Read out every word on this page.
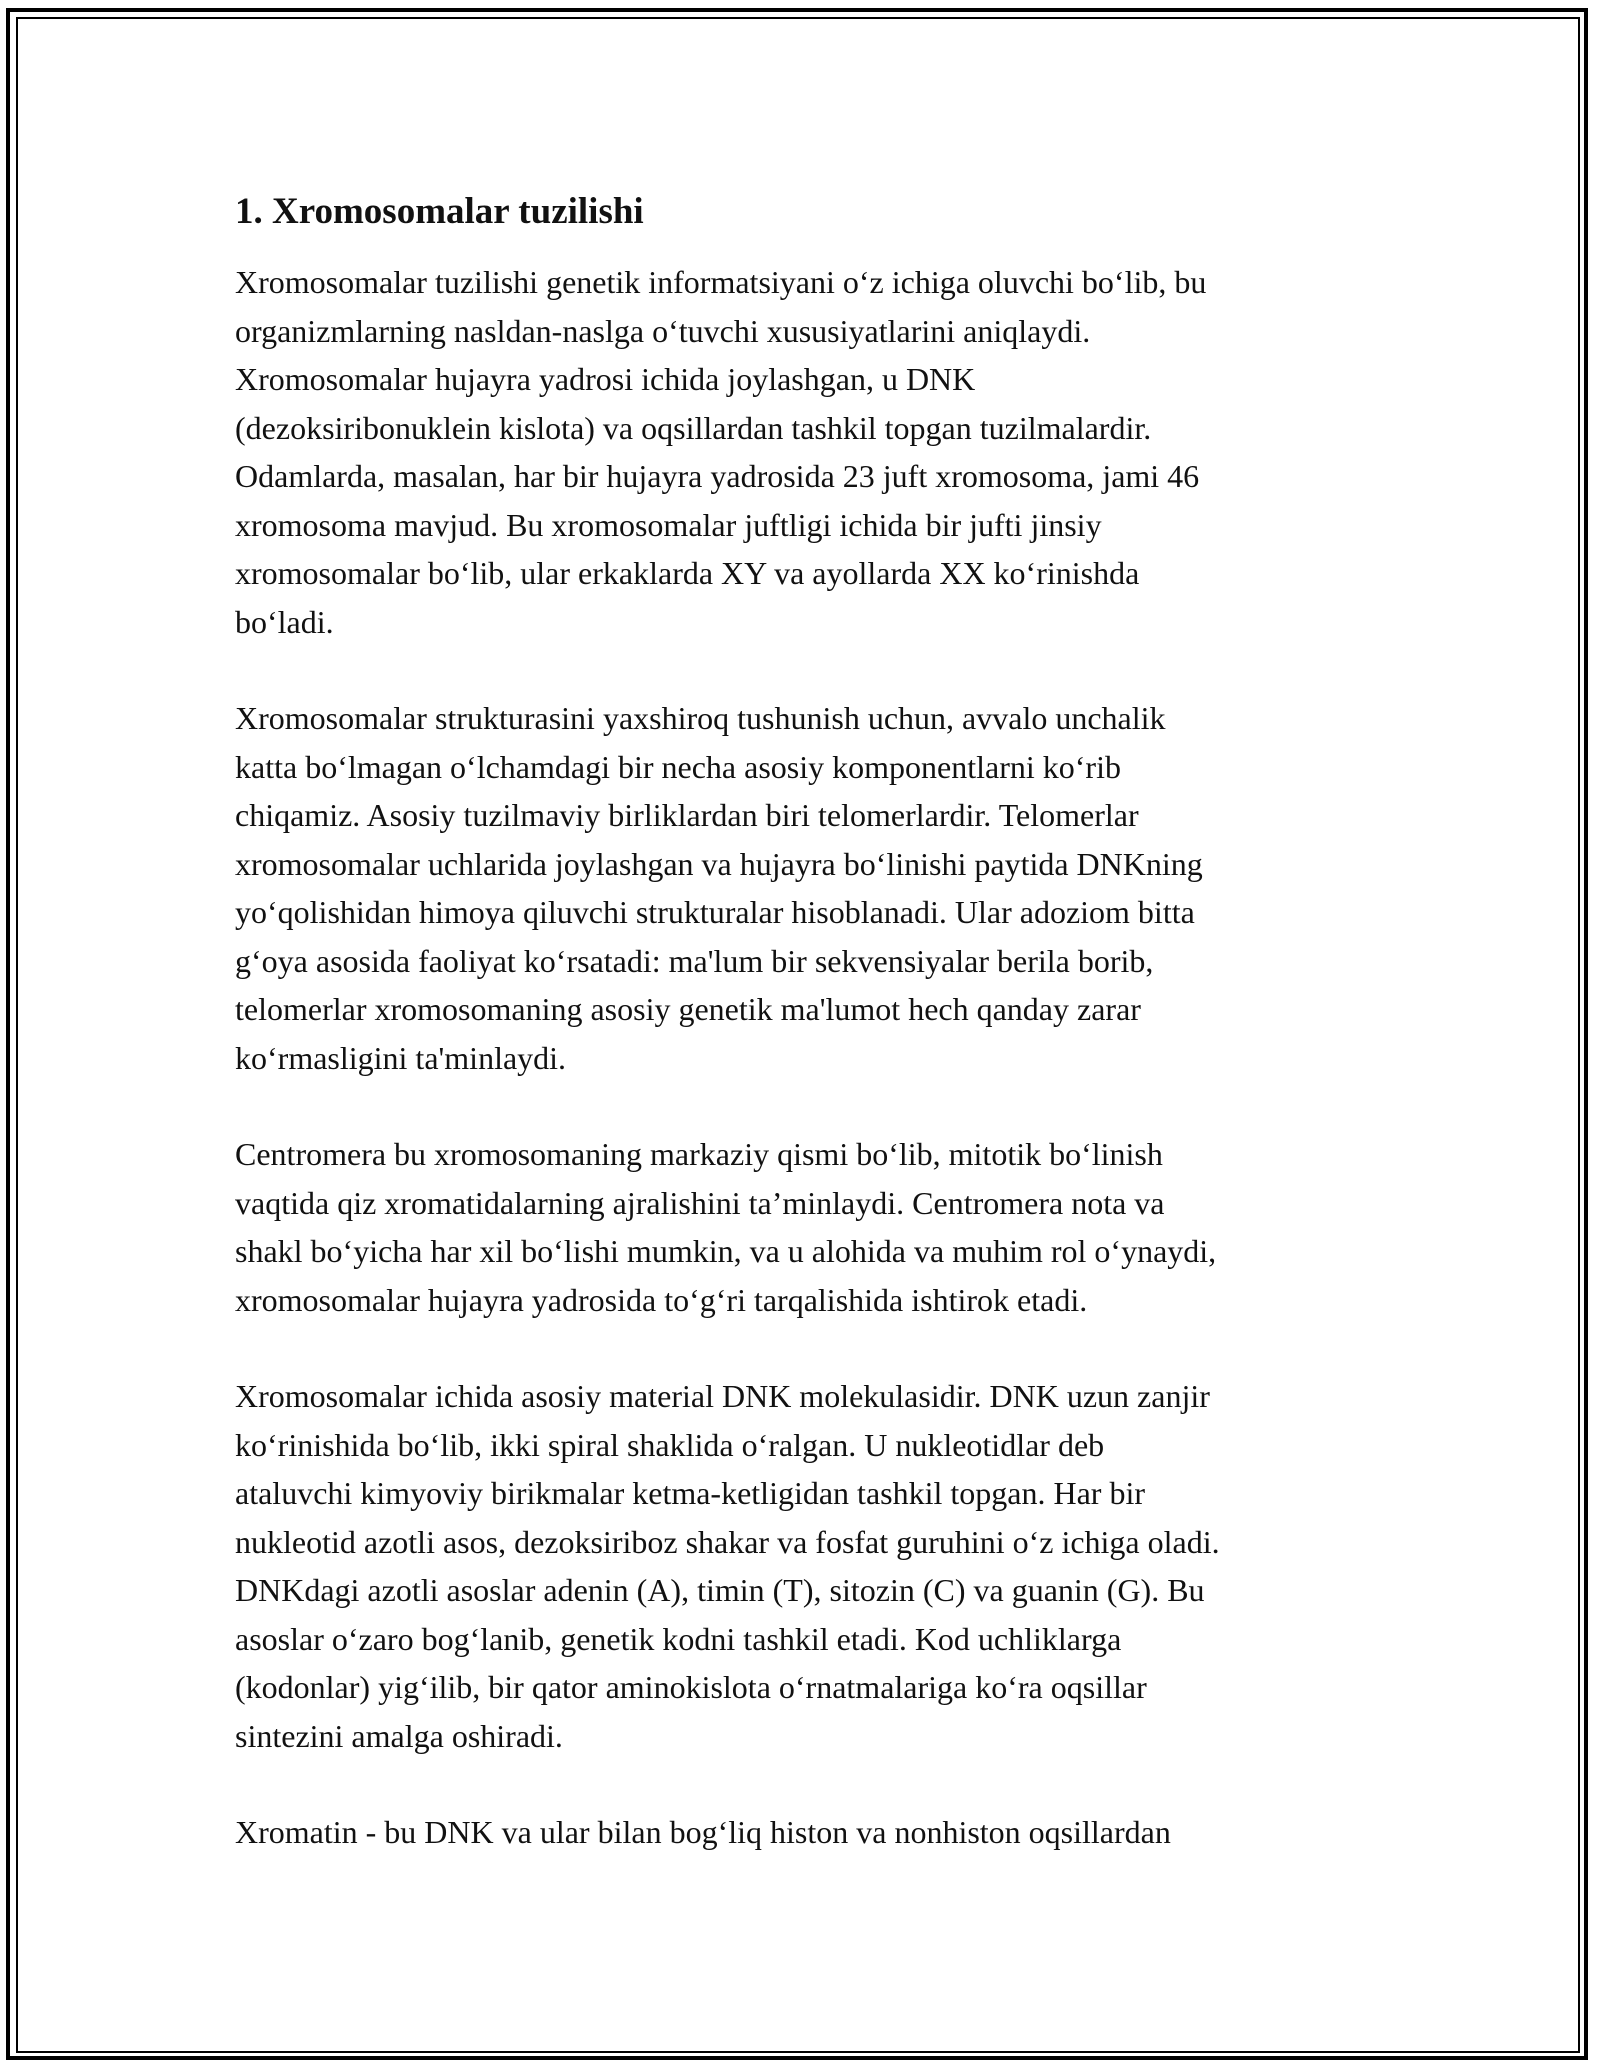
1. Xromosomalar tuzilishi
Xromosomalar tuzilishi genetik informatsiyani o‘z ichiga oluvchi bo‘lib, bu
organizmlarning nasldan-naslga o‘tuvchi xususiyatlarini aniqlaydi.
Xromosomalar hujayra yadrosi ichida joylashgan, u DNK
(dezoksiribonuklein kislota) va oqsillardan tashkil topgan tuzilmalardir.
Odamlarda, masalan, har bir hujayra yadrosida 23 juft xromosoma, jami 46
xromosoma mavjud. Bu xromosomalar juftligi ichida bir jufti jinsiy
xromosomalar bo‘lib, ular erkaklarda XY va ayollarda XX ko‘rinishda
bo‘ladi.
Xromosomalar strukturasini yaxshiroq tushunish uchun, avvalo unchalik
katta bo‘lmagan o‘lchamdagi bir necha asosiy komponentlarni ko‘rib
chiqamiz. Asosiy tuzilmaviy birliklardan biri telomerlardir. Telomerlar
xromosomalar uchlarida joylashgan va hujayra bo‘linishi paytida DNKning
yo‘qolishidan himoya qiluvchi strukturalar hisoblanadi. Ular adoziom bitta
g‘oya asosida faoliyat ko‘rsatadi: ma'lum bir sekvensiyalar berila borib,
telomerlar xromosomaning asosiy genetik ma'lumot hech qanday zarar
ko‘rmasligini ta'minlaydi.
Centromera bu xromosomaning markaziy qismi bo‘lib, mitotik bo‘linish
vaqtida qiz xromatidalarning ajralishini ta’minlaydi. Centromera nota va
shakl bo‘yicha har xil bo‘lishi mumkin, va u alohida va muhim rol o‘ynaydi,
xromosomalar hujayra yadrosida to‘g‘ri tarqalishida ishtirok etadi.
Xromosomalar ichida asosiy material DNK molekulasidir. DNK uzun zanjir
ko‘rinishida bo‘lib, ikki spiral shaklida o‘ralgan. U nukleotidlar deb
ataluvchi kimyoviy birikmalar ketma-ketligidan tashkil topgan. Har bir
nukleotid azotli asos, dezoksiriboz shakar va fosfat guruhini o‘z ichiga oladi.
DNKdagi azotli asoslar adenin (A), timin (T), sitozin (C) va guanin (G). Bu
asoslar o‘zaro bog‘lanib, genetik kodni tashkil etadi. Kod uchliklarga
(kodonlar) yig‘ilib, bir qator aminokislota o‘rnatmalariga ko‘ra oqsillar
sintezini amalga oshiradi.
Xromatin - bu DNK va ular bilan bog‘liq histon va nonhiston oqsillardan
